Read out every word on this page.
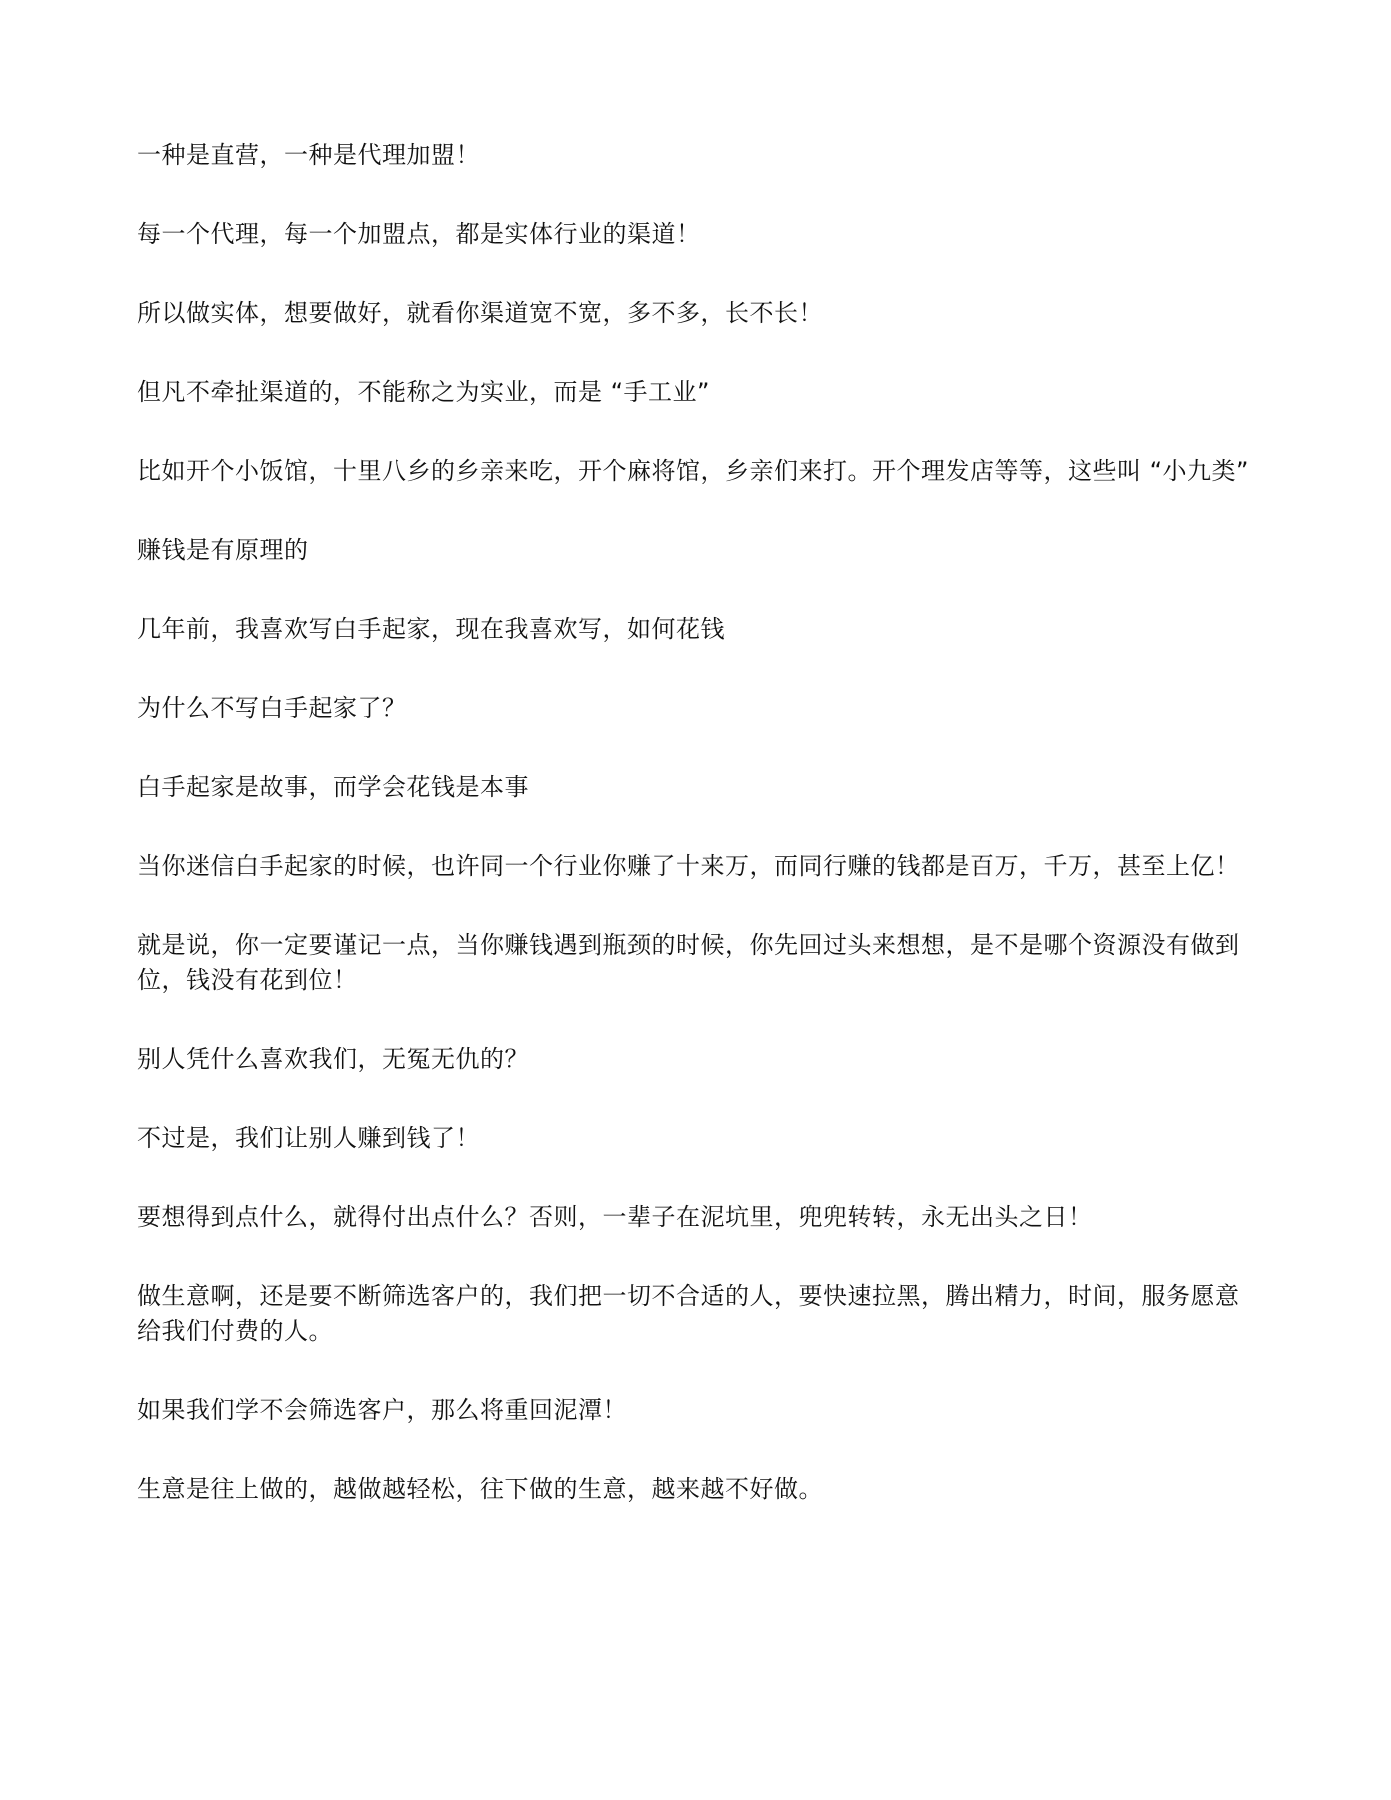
一种是直营，一种是代理加盟！

每一个代理，每一个加盟点，都是实体行业的渠道！

所以做实体，想要做好，就看你渠道宽不宽，多不多，长不长！

但凡不牵扯渠道的，不能称之为实业，而是 “手工业”

比如开个小饭馆，十里八乡的乡亲来吃，开个麻将馆，乡亲们来打。开个理发店等等，这些叫 “小九类”

赚钱是有原理的

几年前，我喜欢写白手起家，现在我喜欢写，如何花钱

为什么不写白手起家了？

白手起家是故事，而学会花钱是本事

当你迷信白手起家的时候，也许同一个行业你赚了十来万，而同行赚的钱都是百万，千万，甚至上亿！

就是说，你一定要谨记一点，当你赚钱遇到瓶颈的时候，你先回过头来想想，是不是哪个资源没有做到位，钱没有花到位！

别人凭什么喜欢我们，无冤无仇的？

不过是，我们让别人赚到钱了！

要想得到点什么，就得付出点什么？否则，一辈子在泥坑里，兜兜转转，永无出头之日！

做生意啊，还是要不断筛选客户的，我们把一切不合适的人，要快速拉黑，腾出精力，时间，服务愿意给我们付费的人。

如果我们学不会筛选客户，那么将重回泥潭！

生意是往上做的，越做越轻松，往下做的生意，越来越不好做。
